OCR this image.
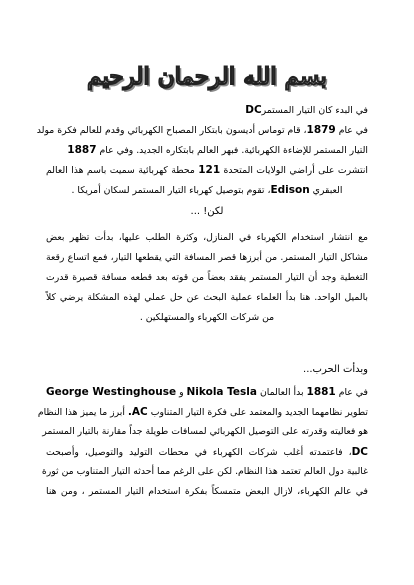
بسم الله الرحمان الرحيم
في البدء كان التيار المستمرDC
في عام 1879، قام توماس أديسون بابتكار المصباح الكهربائي وقدم للعالم فكرة مولد
التيار المستمر للإضاءة الكهربائية. فبهر العالم بابتكاره الجديد. وفي عام 1887
انتشرت على أراضي الولايات المتحدة 121 محطة كهربائية سميت باسم هذا العالم
العبقري Edison، تقوم بتوصيل كهرباء التيار المستمر لسكان أمريكا .
لكن! ...
مع انتشار استخدام الكهرباء في المنازل، وكثرة الطلب عليها، بدأت تظهر بعض
مشاكل التيار المستمر. من أبرزها قصر المسافة التي يقطعها التيار، فمع اتساع رقعة
التغطية وجد أن التيار المستمر يفقد بعضاً من قوته بعد قطعه مسافة قصيرة قدرت
بالميل الواحد. هنا بدأ العلماء عملية البحث عن حل عملي لهذه المشكلة يرضي كلاً
من شركات الكهرباء والمستهلكين .
وبدأت الحرب...
في عام 1881 بدأ العالمان Nikola Tesla و George Westinghouse
تطوير نظامهما الجديد والمعتمد على فكرة التيار المتناوب AC. أبرز ما يميز هذا النظام
هو فعاليته وقدرته على التوصيل الكهربائي لمسافات طويلة جداً مقارنة بالتيار المستمر
DC، فاعتمدته أغلب شركات الكهرباء في محطات التوليد والتوصيل، وأصبحت
غالبية دول العالم تعتمد هذا النظام. لكن على الرغم مما أحدثه التيار المتناوب من ثورة
في عالم الكهرباء، لازال البعض متمسكاً بفكرة استخدام التيار المستمر ، ومن هنا
